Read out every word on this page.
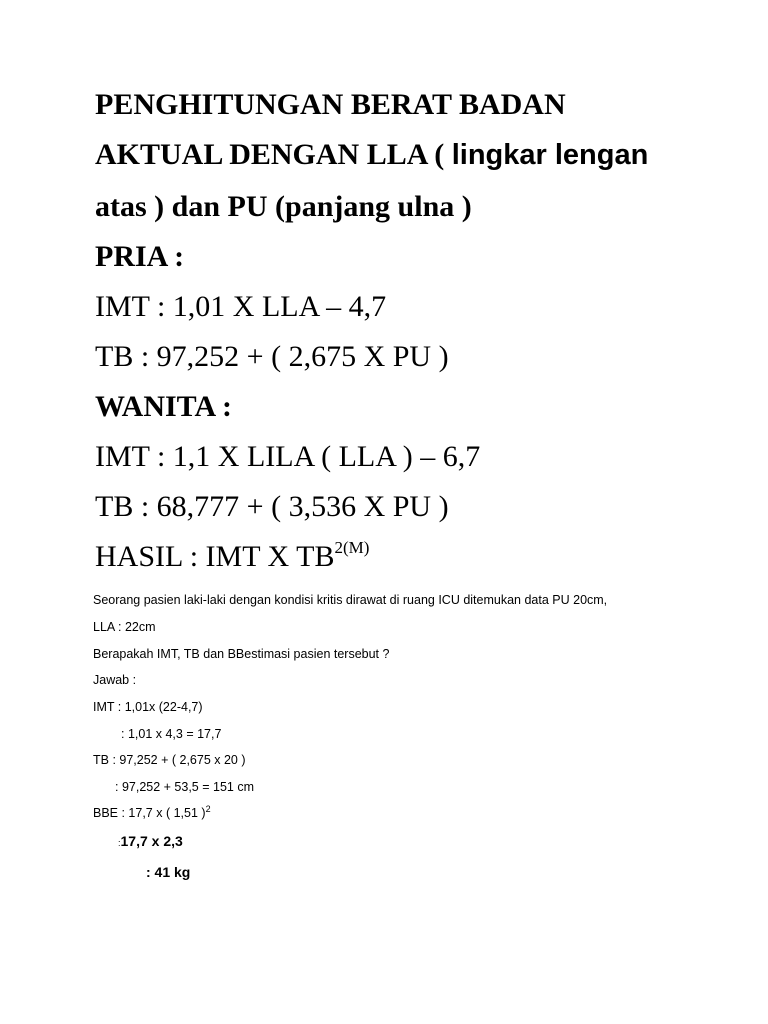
PENGHITUNGAN BERAT BADAN
AKTUAL DENGAN LLA ( lingkar lengan
atas ) dan PU (panjang ulna )
PRIA :
IMT : 1,01 X LLA – 4,7
TB : 97,252 + ( 2,675 X PU )
WANITA :
IMT : 1,1 X LILA ( LLA ) – 6,7
TB : 68,777 + ( 3,536 X PU )
HASIL : IMT X $TB^{2(M)}$
Seorang pasien laki-laki dengan kondisi kritis dirawat di ruang ICU ditemukan data PU 20cm,
LLA : 22cm
Berapakah IMT, TB dan BBestimasi pasien tersebut ?
Jawab :
IMT : 1,01x (22-4,7)
: 1,01 x 4,3 = 17,7
TB : 97,252 + ( 2,675 x 20 )
: 97,252 + 53,5 = 151 cm
BBE : 17,7 x ( 1,51 )$^2$
:17,7 x 2,3
: 41 kg
